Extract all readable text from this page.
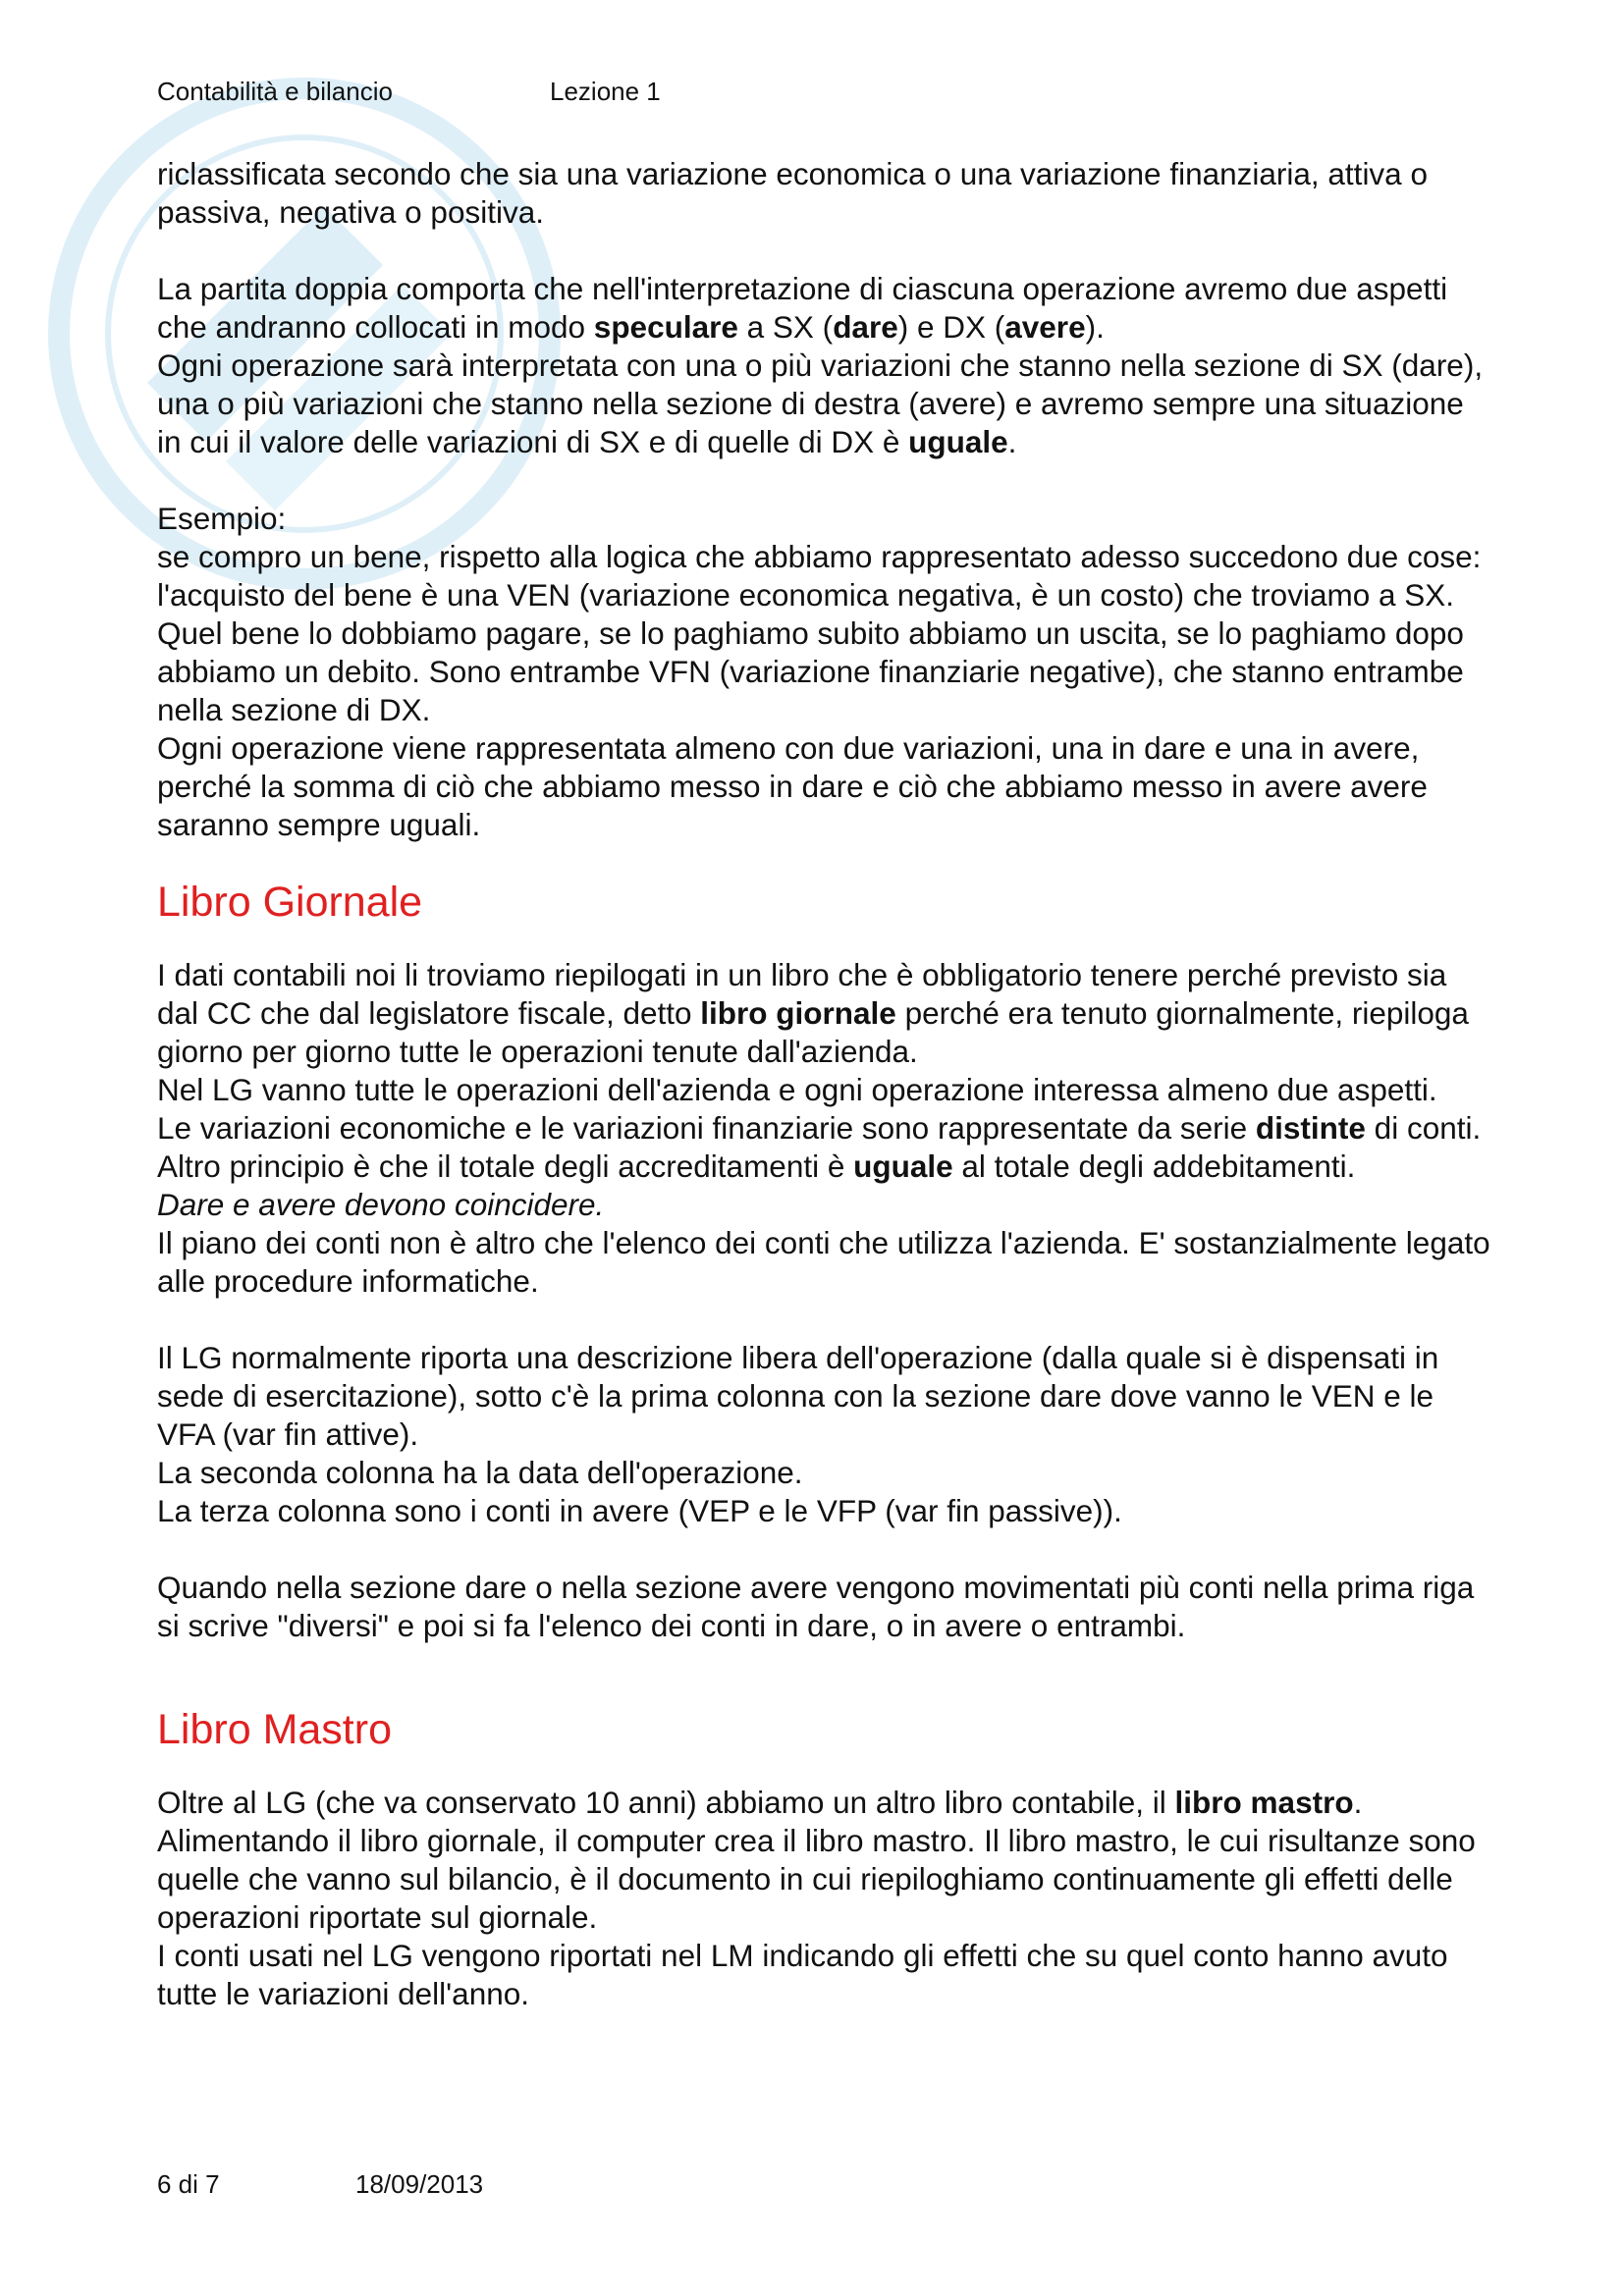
Contabilità e bilancio	Lezione 1

riclassificata secondo che sia una variazione economica o una variazione finanziaria, attiva o passiva, negativa o positiva.

La partita doppia comporta che nell'interpretazione di ciascuna operazione avremo due aspetti che andranno collocati in modo speculare a SX (dare) e DX (avere).

Ogni operazione sarà interpretata con una o più variazioni che stanno nella sezione di SX (dare), una o più variazioni che stanno nella sezione di destra (avere) e avremo sempre una situazione in cui il valore delle variazioni di SX e di quelle di DX è uguale.

Esempio:

se compro un bene, rispetto alla logica che abbiamo rappresentato adesso succedono due cose: l'acquisto del bene è una VEN (variazione economica negativa, è un costo) che troviamo a SX. Quel bene lo dobbiamo pagare, se lo paghiamo subito abbiamo un uscita, se lo paghiamo dopo abbiamo un debito. Sono entrambe VFN (variazione finanziarie negative), che stanno entrambe nella sezione di DX.

Ogni operazione viene rappresentata almeno con due variazioni, una in dare e una in avere, perché la somma di ciò che abbiamo messo in dare e ciò che abbiamo messo in avere avere saranno sempre uguali.

Libro Giornale

I dati contabili noi li troviamo riepilogati in un libro che è obbligatorio tenere perché previsto sia dal CC che dal legislatore fiscale, detto libro giornale perché era tenuto giornalmente, riepiloga giorno per giorno tutte le operazioni tenute dall'azienda.

Nel LG vanno tutte le operazioni dell'azienda e ogni operazione interessa almeno due aspetti.

Le variazioni economiche e le variazioni finanziarie sono rappresentate da serie distinte di conti.

Altro principio è che il totale degli accreditamenti è uguale al totale degli addebitamenti.

Dare e avere devono coincidere.

Il piano dei conti non è altro che l'elenco dei conti che utilizza l'azienda. E' sostanzialmente legato alle procedure informatiche.

Il LG normalmente riporta una descrizione libera dell'operazione (dalla quale si è dispensati in sede di esercitazione), sotto c'è la prima colonna con la sezione dare dove vanno le VEN e le VFA (var fin attive).

La seconda colonna ha la data dell'operazione.

La terza colonna sono i conti in avere (VEP e le VFP (var fin passive)).

Quando nella sezione dare o nella sezione avere vengono movimentati più conti nella prima riga si scrive "diversi" e poi si fa l'elenco dei conti in dare, o in avere o entrambi.

Libro Mastro

Oltre al LG (che va conservato 10 anni) abbiamo un altro libro contabile, il libro mastro.

Alimentando il libro giornale, il computer crea il libro mastro. Il libro mastro, le cui risultanze sono quelle che vanno sul bilancio, è il documento in cui riepiloghiamo continuamente gli effetti delle operazioni riportate sul giornale.

I conti usati nel LG vengono riportati nel LM indicando gli effetti che su quel conto hanno avuto tutte le variazioni dell'anno.

6 di 7	18/09/2013
